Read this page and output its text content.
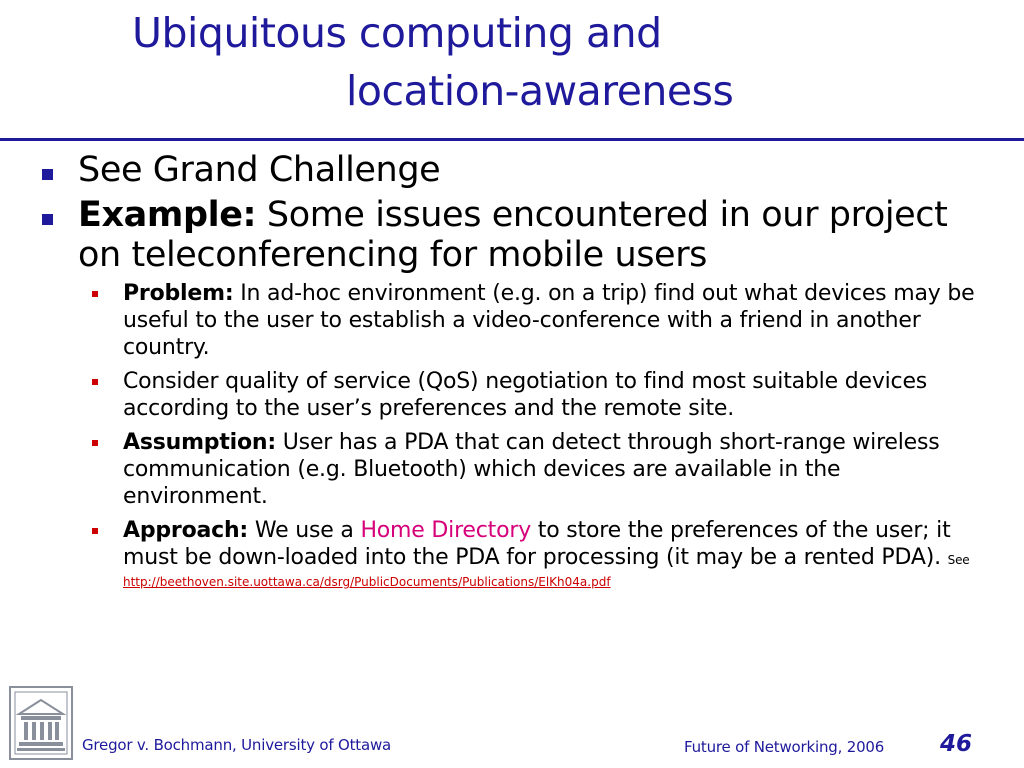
Ubiquitous computing and
location-awareness
See Grand Challenge
Example: Some issues encountered in our project on teleconferencing for mobile users
Problem: In ad-hoc environment (e.g. on a trip) find out what devices may be useful to the user to establish a video-conference with a friend in another country.
Consider quality of service (QoS) negotiation to find most suitable devices according to the user’s preferences and the remote site.
Assumption: User has a PDA that can detect through short-range wireless communication (e.g. Bluetooth) which devices are available in the environment.
Approach: We use a Home Directory to store the preferences of the user; it must be down-loaded into the PDA for processing (it may be a rented PDA). See
http://beethoven.site.uottawa.ca/dsrg/PublicDocuments/Publications/ElKh04a.pdf
Gregor v. Bochmann, University of Ottawa	Future of Networking, 2006 46
